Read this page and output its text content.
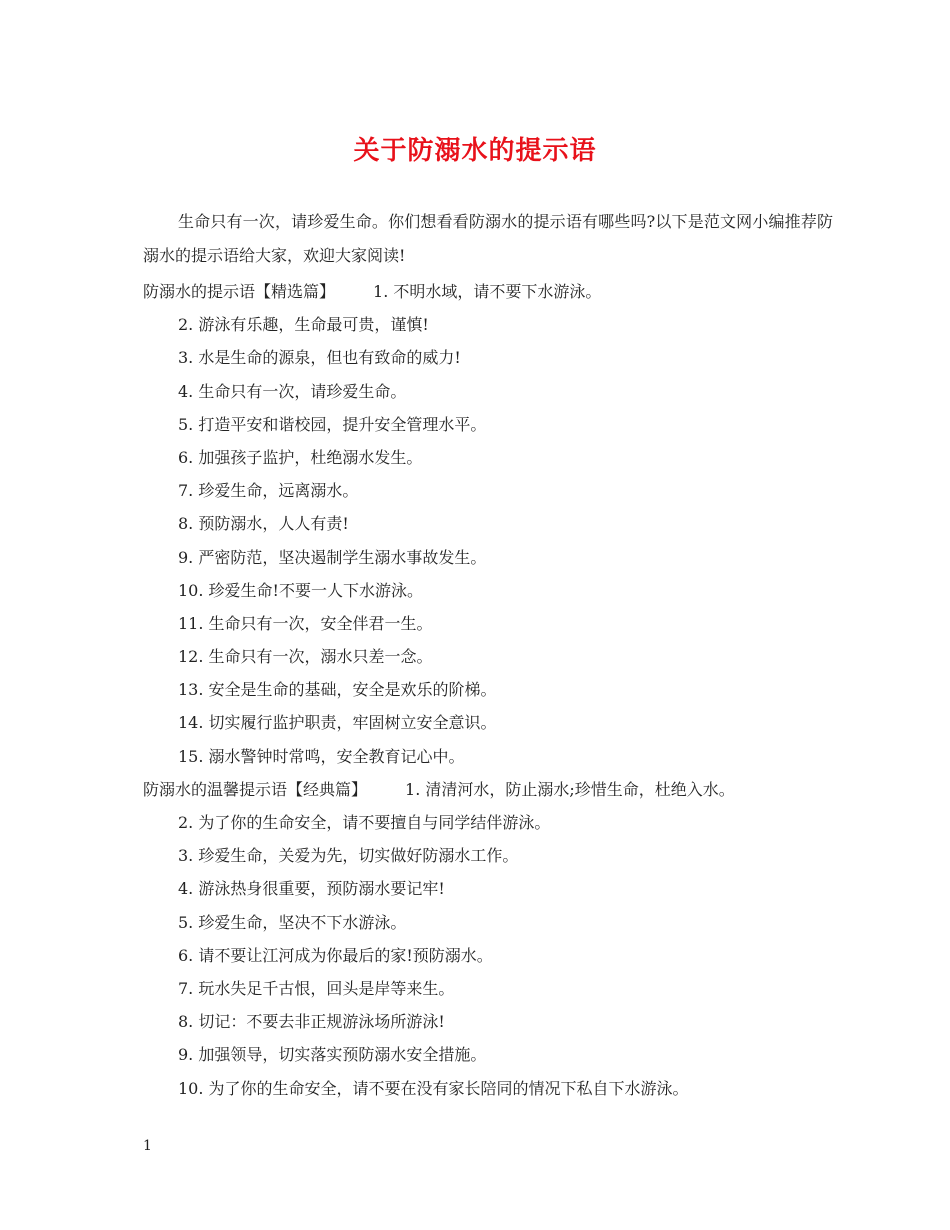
关于防溺水的提示语

生命只有一次，请珍爱生命。你们想看看防溺水的提示语有哪些吗?以下是范文网小编推荐防溺水的提示语给大家，欢迎大家阅读!

防溺水的提示语【精选篇】 1. 不明水域，请不要下水游泳。
2. 游泳有乐趣，生命最可贵，谨慎!
3. 水是生命的源泉，但也有致命的威力!
4. 生命只有一次，请珍爱生命。
5. 打造平安和谐校园，提升安全管理水平。
6. 加强孩子监护，杜绝溺水发生。
7. 珍爱生命，远离溺水。
8. 预防溺水，人人有责!
9. 严密防范，坚决遏制学生溺水事故发生。
10. 珍爱生命!不要一人下水游泳。
11. 生命只有一次，安全伴君一生。
12. 生命只有一次，溺水只差一念。
13. 安全是生命的基础，安全是欢乐的阶梯。
14. 切实履行监护职责，牢固树立安全意识。
15. 溺水警钟时常鸣，安全教育记心中。
防溺水的温馨提示语【经典篇】 1. 清清河水，防止溺水;珍惜生命，杜绝入水。
2. 为了你的生命安全，请不要擅自与同学结伴游泳。
3. 珍爱生命，关爱为先，切实做好防溺水工作。
4. 游泳热身很重要，预防溺水要记牢!
5. 珍爱生命，坚决不下水游泳。
6. 请不要让江河成为你最后的家!预防溺水。
7. 玩水失足千古恨，回头是岸等来生。
8. 切记：不要去非正规游泳场所游泳!
9. 加强领导，切实落实预防溺水安全措施。
10. 为了你的生命安全，请不要在没有家长陪同的情况下私自下水游泳。
1
